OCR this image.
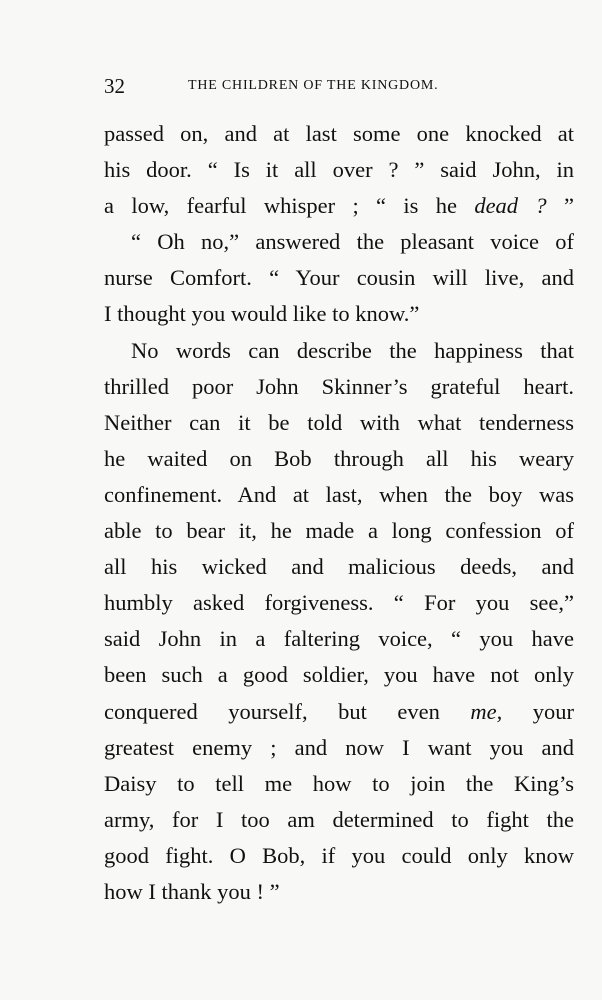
32	THE CHILDREN OF THE KINGDOM.
passed on, and at last some one knocked at
his door. “ Is it all over ? ” said John, in
a low, fearful whisper ; “ is he dead ? ”
“ Oh no,” answered the pleasant voice of
nurse Comfort. “ Your cousin will live, and
I thought you would like to know.”
No words can describe the happiness that
thrilled poor John Skinner’s grateful heart.
Neither can it be told with what tenderness
he waited on Bob through all his weary
confinement. And at last, when the boy was
able to bear it, he made a long confession of
all his wicked and malicious deeds, and
humbly asked forgiveness. “ For you see,”
said John in a faltering voice, “ you have
been such a good soldier, you have not only
conquered yourself, but even me, your
greatest enemy ; and now I want you and
Daisy to tell me how to join the King’s
army, for I too am determined to fight the
good fight. O Bob, if you could only know
how I thank you ! ”
